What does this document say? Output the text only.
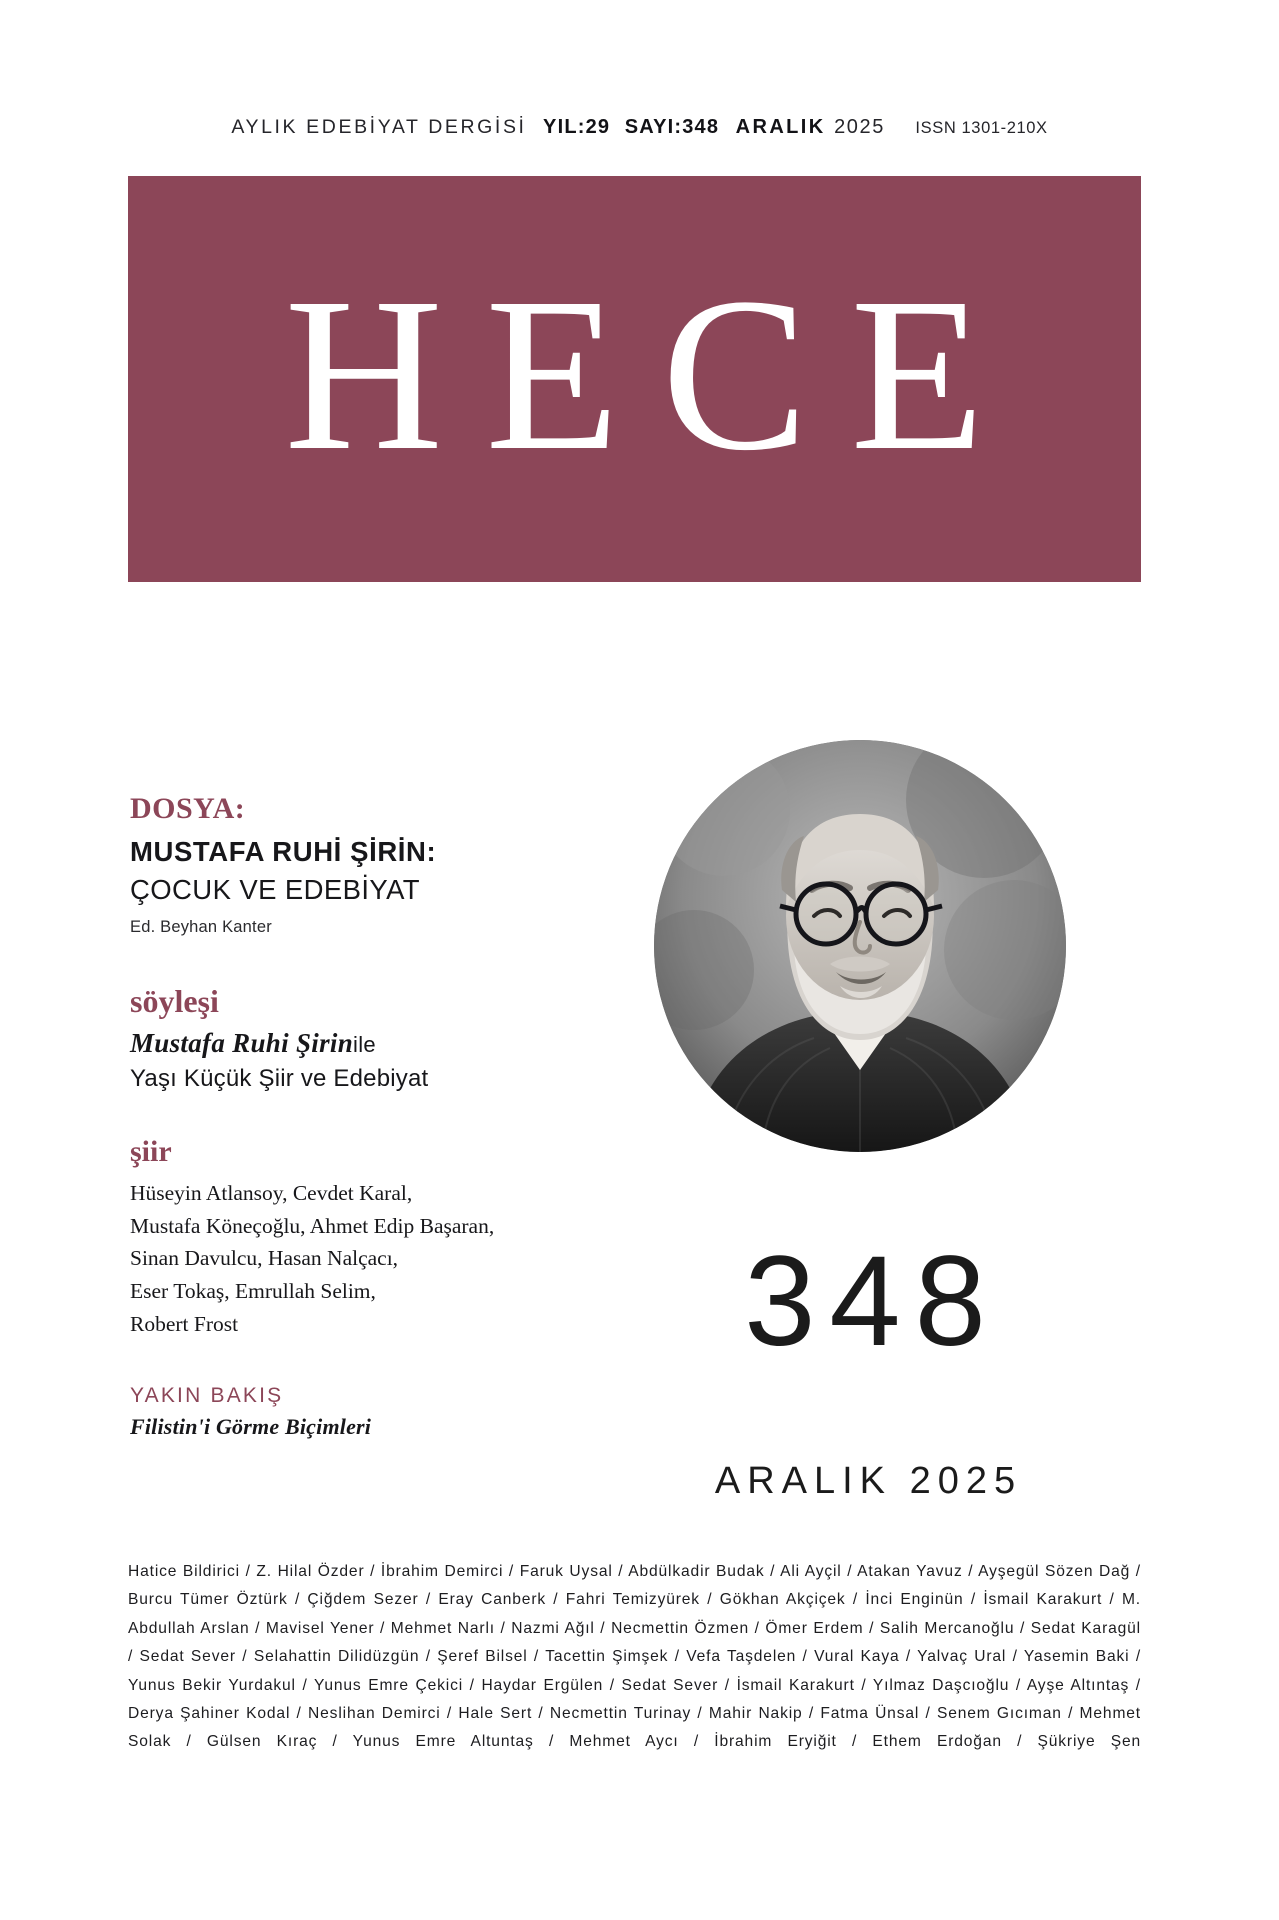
AYLIK EDEBİYAT DERGİSİ YIL:29 SAYI:348 ARALIK 2025 ISSN 1301-210X
HECE

DOSYA:

MUSTAFA RUHİ ŞİRİN:

ÇOCUK VE EDEBİYAT

Ed. Beyhan Kanter

söyleşi

Mustafa Ruhi Şirinile

Yaşı Küçük Şiir ve Edebiyat

şiir

Hüseyin Atlansoy, Cevdet Karal,
Mustafa Köneçoğlu, Ahmet Edip Başaran,
Sinan Davulcu, Hasan Nalçacı,
Eser Tokaş, Emrullah Selim,
Robert Frost

YAKIN BAKIŞ

Filistin'i Görme Biçimleri

348
ARALIK 2025
Hatice Bildirici / Z. Hilal Özder / İbrahim Demirci / Faruk Uysal / Abdülkadir Budak / Ali Ayçil / Atakan Yavuz / Ayşegül Sözen Dağ / Burcu Tümer Öztürk / Çiğdem Sezer / Eray Canberk / Fahri Temizyürek / Gökhan Akçiçek / İnci Enginün / İsmail Karakurt / M. Abdullah Arslan / Mavisel Yener / Mehmet Narlı / Nazmi Ağıl / Necmettin Özmen / Ömer Erdem / Salih Mercanoğlu / Sedat Karagül / Sedat Sever / Selahattin Dilidüzgün / Şeref Bilsel / Tacettin Şimşek / Vefa Taşdelen / Vural Kaya / Yalvaç Ural / Yasemin Baki / Yunus Bekir Yurdakul / Yunus Emre Çekici / Haydar Ergülen / Sedat Sever / İsmail Karakurt / Yılmaz Daşcıoğlu / Ayşe Altıntaş / Derya Şahiner Kodal / Neslihan Demirci / Hale Sert / Necmettin Turinay / Mahir Nakip / Fatma Ünsal / Senem Gıcıman / Mehmet Solak / Gülsen Kıraç / Yunus Emre Altuntaş / Mehmet Aycı / İbrahim Eryiğit / Ethem Erdoğan / Şükriye Şen
